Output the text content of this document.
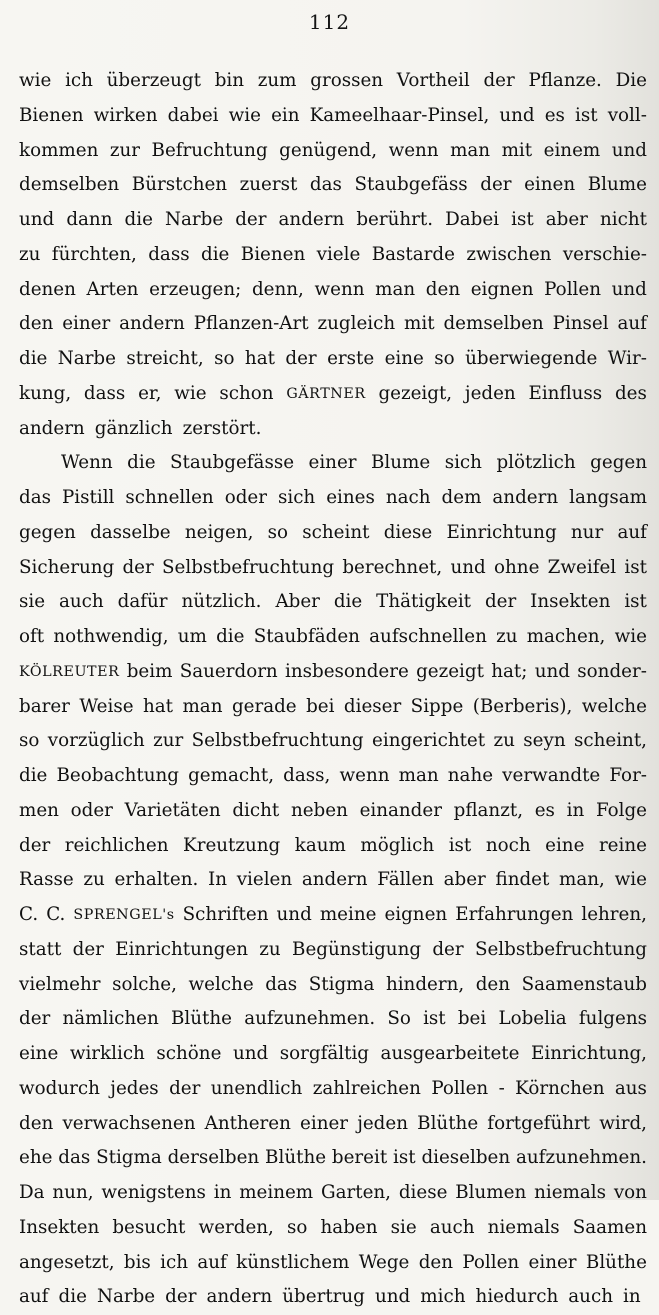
112
wie ich überzeugt bin zum grossen Vortheil der Pflanze. Die
Bienen wirken dabei wie ein Kameelhaar-Pinsel, und es ist voll-
kommen zur Befruchtung genügend, wenn man mit einem und
demselben Bürstchen zuerst das Staubgefäss der einen Blume
und dann die Narbe der andern berührt. Dabei ist aber nicht
zu fürchten, dass die Bienen viele Bastarde zwischen verschie-
denen Arten erzeugen; denn, wenn man den eignen Pollen und
den einer andern Pflanzen-Art zugleich mit demselben Pinsel auf
die Narbe streicht, so hat der erste eine so überwiegende Wir-
kung, dass er, wie schon GÄRTNER gezeigt, jeden Einfluss des
andern gänzlich zerstört.
Wenn die Staubgefässe einer Blume sich plötzlich gegen
das Pistill schnellen oder sich eines nach dem andern langsam
gegen dasselbe neigen, so scheint diese Einrichtung nur auf
Sicherung der Selbstbefruchtung berechnet, und ohne Zweifel ist
sie auch dafür nützlich. Aber die Thätigkeit der Insekten ist
oft nothwendig, um die Staubfäden aufschnellen zu machen, wie
KÖLREUTER beim Sauerdorn insbesondere gezeigt hat; und sonder-
barer Weise hat man gerade bei dieser Sippe (Berberis), welche
so vorzüglich zur Selbstbefruchtung eingerichtet zu seyn scheint,
die Beobachtung gemacht, dass, wenn man nahe verwandte For-
men oder Varietäten dicht neben einander pflanzt, es in Folge
der reichlichen Kreutzung kaum möglich ist noch eine reine
Rasse zu erhalten. In vielen andern Fällen aber findet man, wie
C. C. SPRENGEL's Schriften und meine eignen Erfahrungen lehren,
statt der Einrichtungen zu Begünstigung der Selbstbefruchtung
vielmehr solche, welche das Stigma hindern, den Saamenstaub
der nämlichen Blüthe aufzunehmen. So ist bei Lobelia fulgens
eine wirklich schöne und sorgfältig ausgearbeitete Einrichtung,
wodurch jedes der unendlich zahlreichen Pollen - Körnchen aus
den verwachsenen Antheren einer jeden Blüthe fortgeführt wird,
ehe das Stigma derselben Blüthe bereit ist dieselben aufzunehmen.
Da nun, wenigstens in meinem Garten, diese Blumen niemals von
Insekten besucht werden, so haben sie auch niemals Saamen
angesetzt, bis ich auf künstlichem Wege den Pollen einer Blüthe
auf die Narbe der andern übertrug und mich hiedurch auch in
